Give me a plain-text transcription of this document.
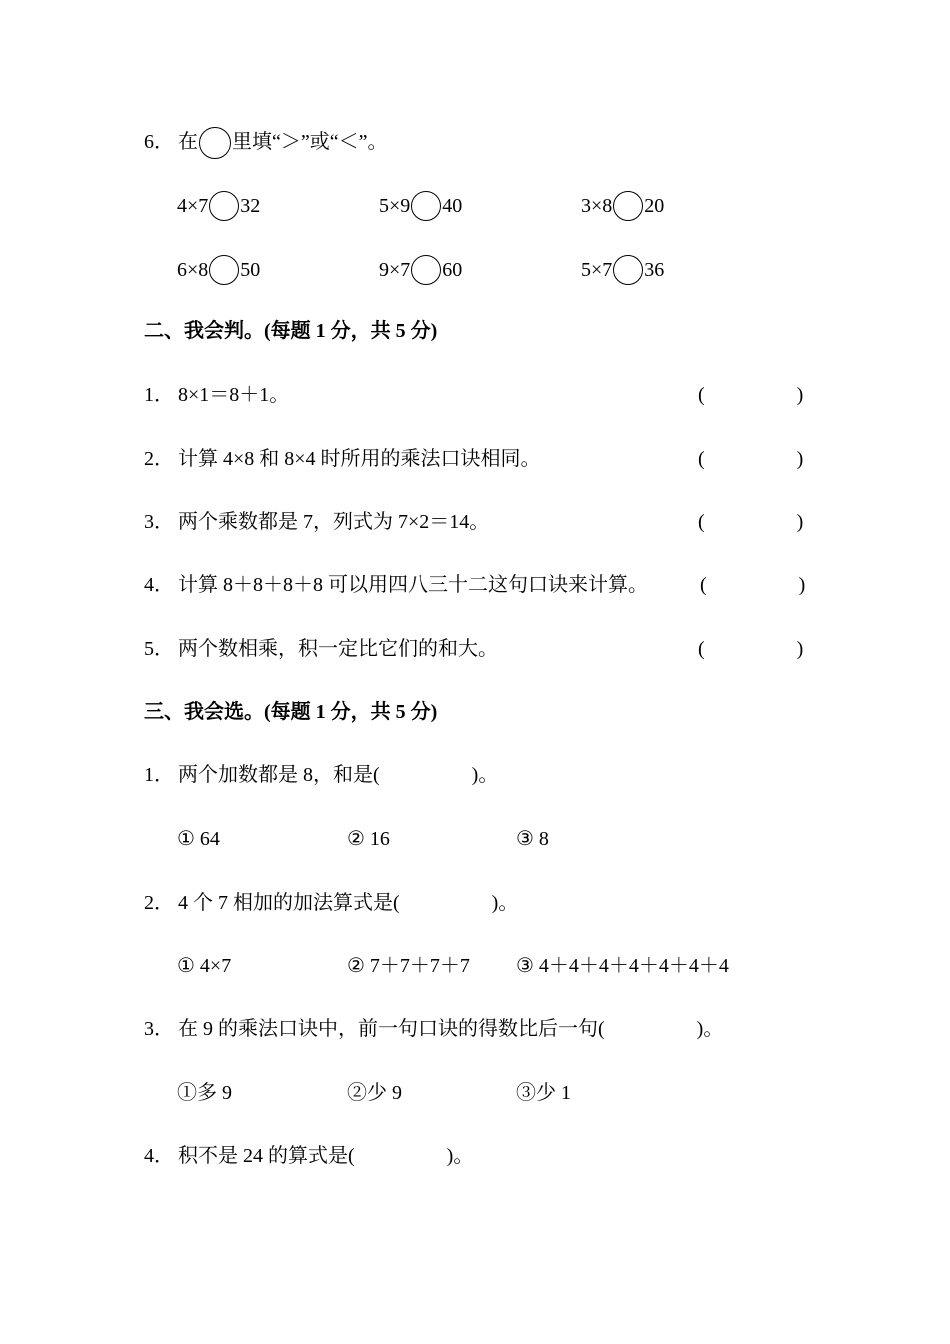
6． 在 里填“＞”或“＜”。
4×7 32	5×9 40	3×8 20
6×8 50	9×7 60	5×7 36
二、我会判。(每题 1 分，共 5 分)
1． 8×1＝8＋1。	(	)
2． 计算 4×8 和 8×4 时所用的乘法口诀相同。	(	)
3． 两个乘数都是 7，列式为 7×2＝14。	(	)
4． 计算 8＋8＋8＋8 可以用四八三十二这句口诀来计算。	(	)
5． 两个数相乘，积一定比它们的和大。	(	)
三、我会选。(每题 1 分，共 5 分)
1． 两个加数都是 8，和是(	)。
① 64	② 16	③ 8
2． 4 个 7 相加的加法算式是(	)。
① 4×7	② 7＋7＋7＋7 ③ 4＋4＋4＋4＋4＋4＋4
3． 在 9 的乘法口诀中，前一句口诀的得数比后一句(	)。
①多 9	②少 9	③少 1
4． 积不是 24 的算式是(	)。
